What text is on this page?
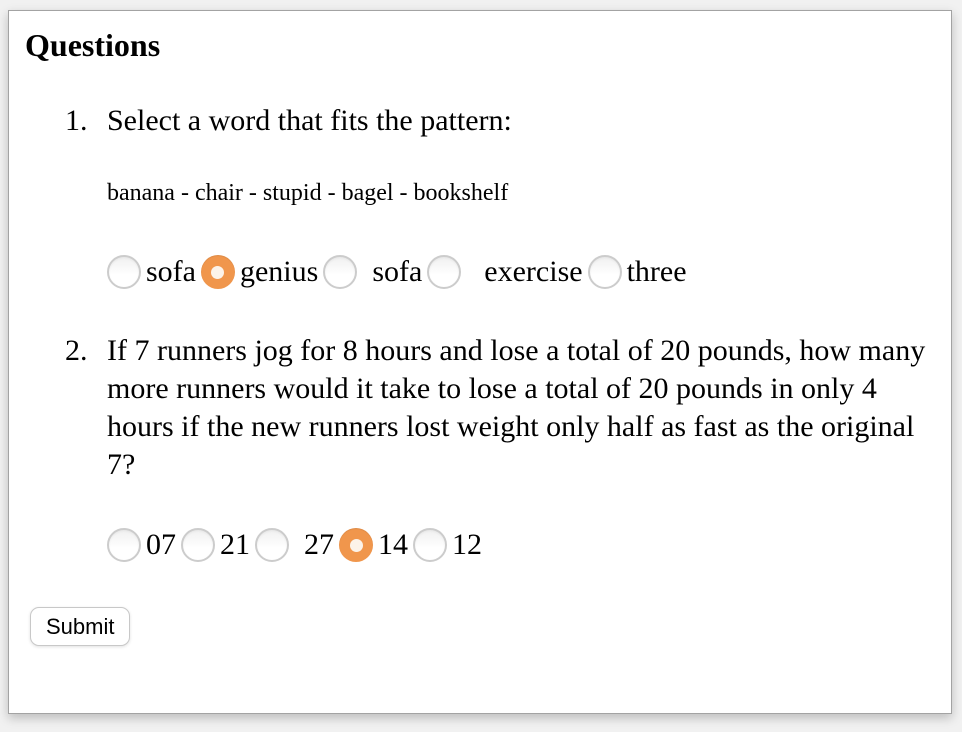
Questions
1. Select a word that fits the pattern:
banana - chair - stupid - bagel - bookshelf
sofa genius sofa exercise three
2. If 7 runners jog for 8 hours and lose a total of 20 pounds, how many more runners would it take to lose a total of 20 pounds in only 4 hours if the new runners lost weight only half as fast as the original 7?
07 21 27 14 12
Submit
